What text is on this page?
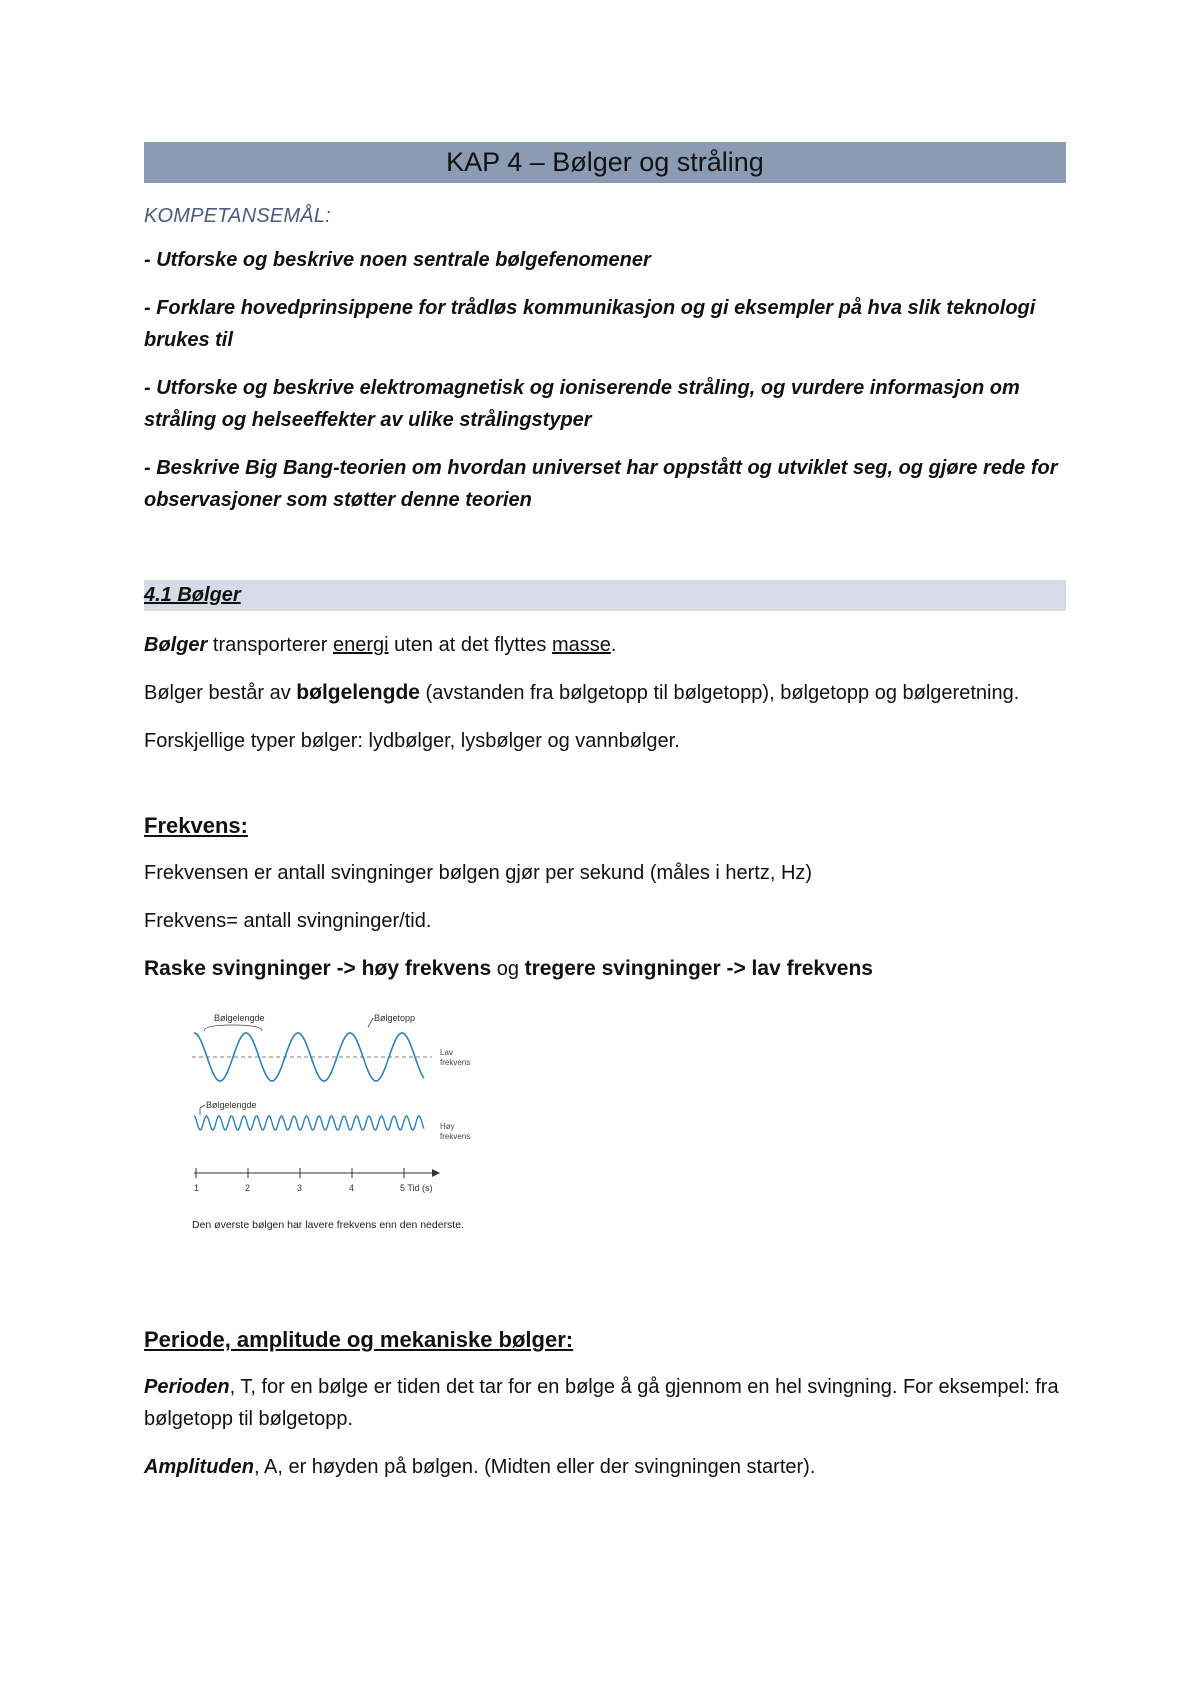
KAP 4 – Bølger og stråling
KOMPETANSEMÅL:
- Utforske og beskrive noen sentrale bølgefenomener
- Forklare hovedprinsippene for trådløs kommunikasjon og gi eksempler på hva slik teknologi brukes til
- Utforske og beskrive elektromagnetisk og ioniserende stråling, og vurdere informasjon om stråling og helseeffekter av ulike strålingstyper
- Beskrive Big Bang-teorien om hvordan universet har oppstått og utviklet seg, og gjøre rede for observasjoner som støtter denne teorien
4.1 Bølger

Bølger transporterer energi uten at det flyttes masse.

Bølger består av bølgelengde (avstanden fra bølgetopp til bølgetopp), bølgetopp og bølgeretning.

Forskjellige typer bølger: lydbølger, lysbølger og vannbølger.

Frekvens:

Frekvensen er antall svingninger bølgen gjør per sekund (måles i hertz, Hz)

Frekvens= antall svingninger/tid.

Raske svingninger -> høy frekvens og tregere svingninger -> lav frekvens

Bølgelengde	Bølgetopp
Lav
frekvens
Bølgelengde
Høy
frekvens
1	2	3	4	5 Tid (s)
Den øverste bølgen har lavere frekvens enn den nederste.
Periode, amplitude og mekaniske bølger:

Perioden, T, for en bølge er tiden det tar for en bølge å gå gjennom en hel svingning. For eksempel: fra bølgetopp til bølgetopp.

Amplituden, A, er høyden på bølgen. (Midten eller der svingningen starter).
